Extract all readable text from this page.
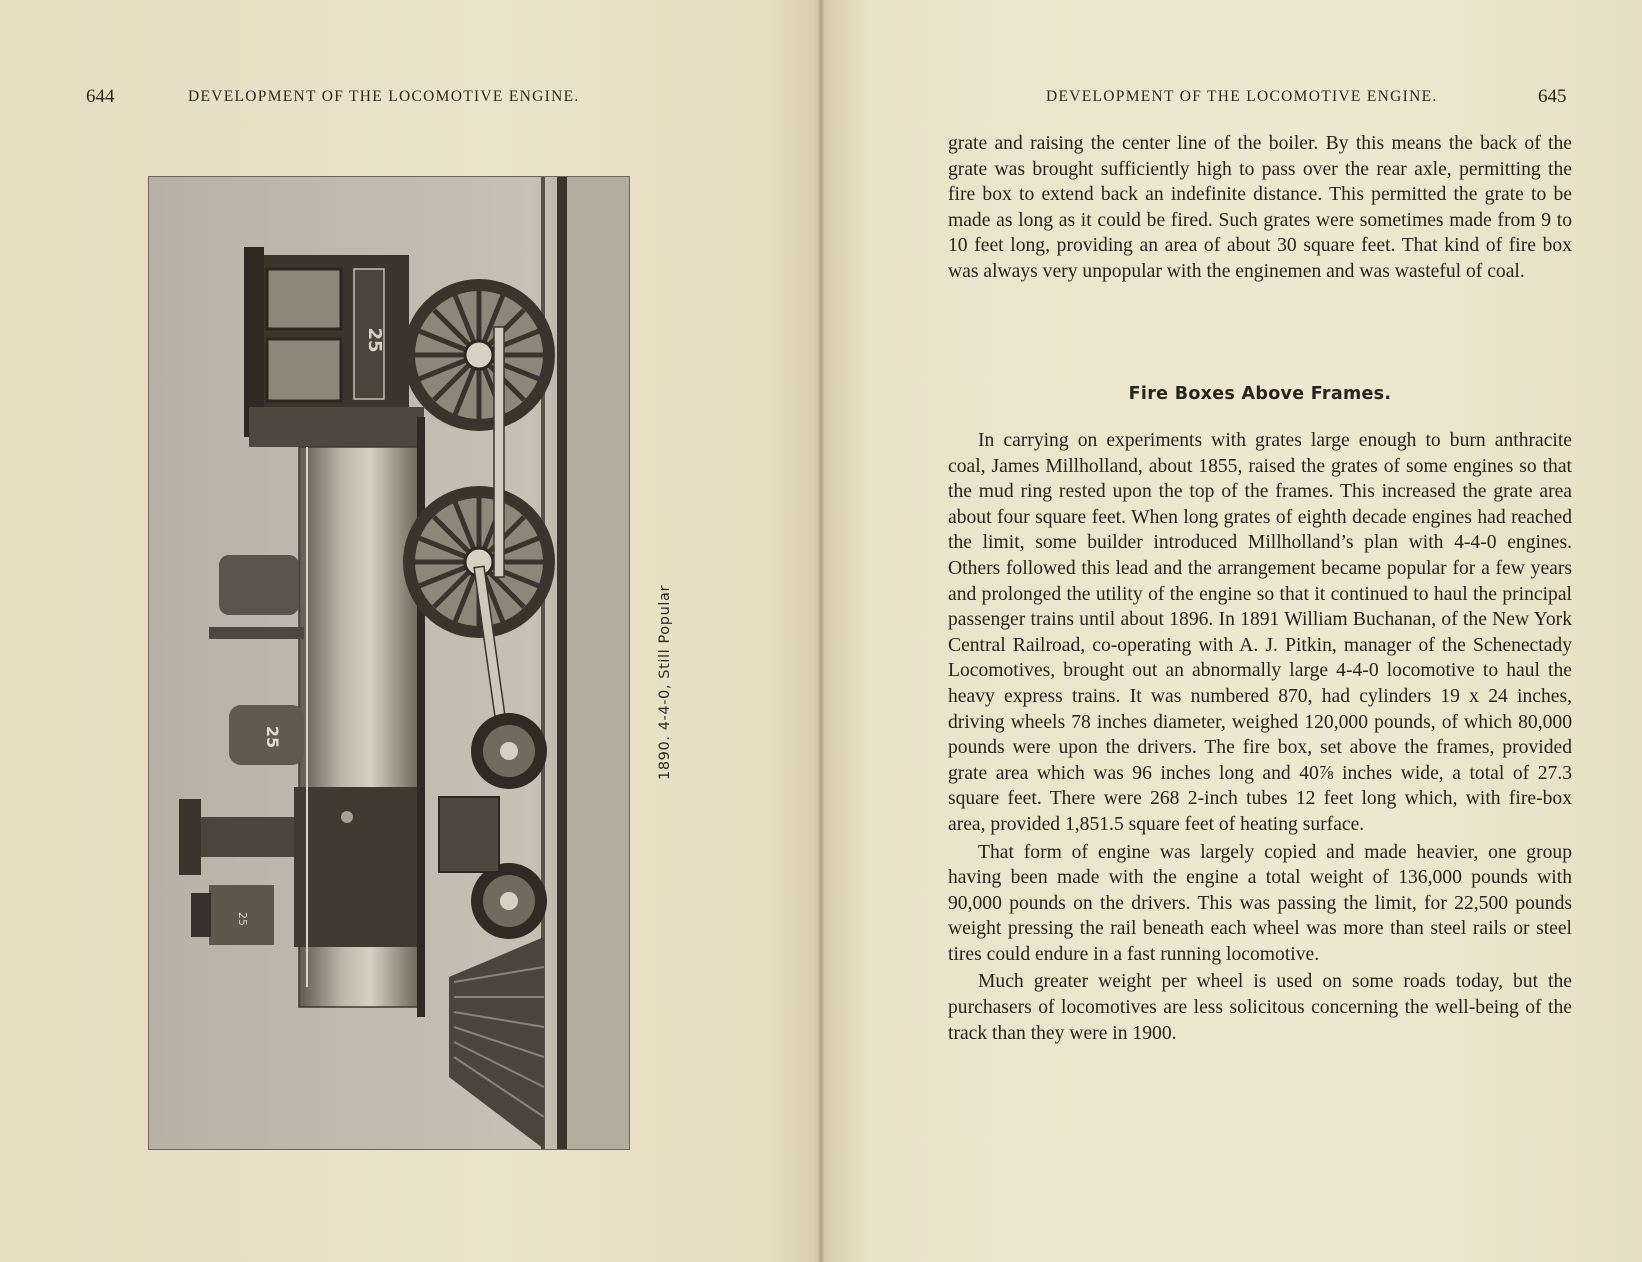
644	DEVELOPMENT OF THE LOCOMOTIVE ENGINE.
25
25
25
1890. 4-4-0, Still Popular
DEVELOPMENT OF THE LOCOMOTIVE ENGINE.	645

grate and raising the center line of the boiler. By this means the back of the grate was brought sufficiently high to pass over the rear axle, permitting the fire box to extend back an indefinite distance. This permitted the grate to be made as long as it could be fired. Such grates were sometimes made from 9 to 10 feet long, providing an area of about 30 square feet. That kind of fire box was always very unpopular with the enginemen and was wasteful of coal.

Fire Boxes Above Frames.

In carrying on experiments with grates large enough to burn anthracite coal, James Millholland, about 1855, raised the grates of some engines so that the mud ring rested upon the top of the frames. This increased the grate area about four square feet. When long grates of eighth decade engines had reached the limit, some builder introduced Millholland’s plan with 4-4-0 engines. Others followed this lead and the arrangement became popular for a few years and prolonged the utility of the engine so that it continued to haul the principal passenger trains until about 1896. In 1891 William Buchanan, of the New York Central Railroad, co-operating with A. J. Pitkin, manager of the Schenectady Locomotives, brought out an abnormally large 4-4-0 locomotive to haul the heavy express trains. It was numbered 870, had cylinders 19 x 24 inches, driving wheels 78 inches diameter, weighed 120,000 pounds, of which 80,000 pounds were upon the drivers. The fire box, set above the frames, provided grate area which was 96 inches long and 40⅞ inches wide, a total of 27.3 square feet. There were 268 2-inch tubes 12 feet long which, with fire-box area, provided 1,851.5 square feet of heating surface.

That form of engine was largely copied and made heavier, one group having been made with the engine a total weight of 136,000 pounds with 90,000 pounds on the drivers. This was passing the limit, for 22,500 pounds weight pressing the rail beneath each wheel was more than steel rails or steel tires could endure in a fast running locomotive.

Much greater weight per wheel is used on some roads today, but the purchasers of locomotives are less solicitous concerning the well-being of the track than they were in 1900.
